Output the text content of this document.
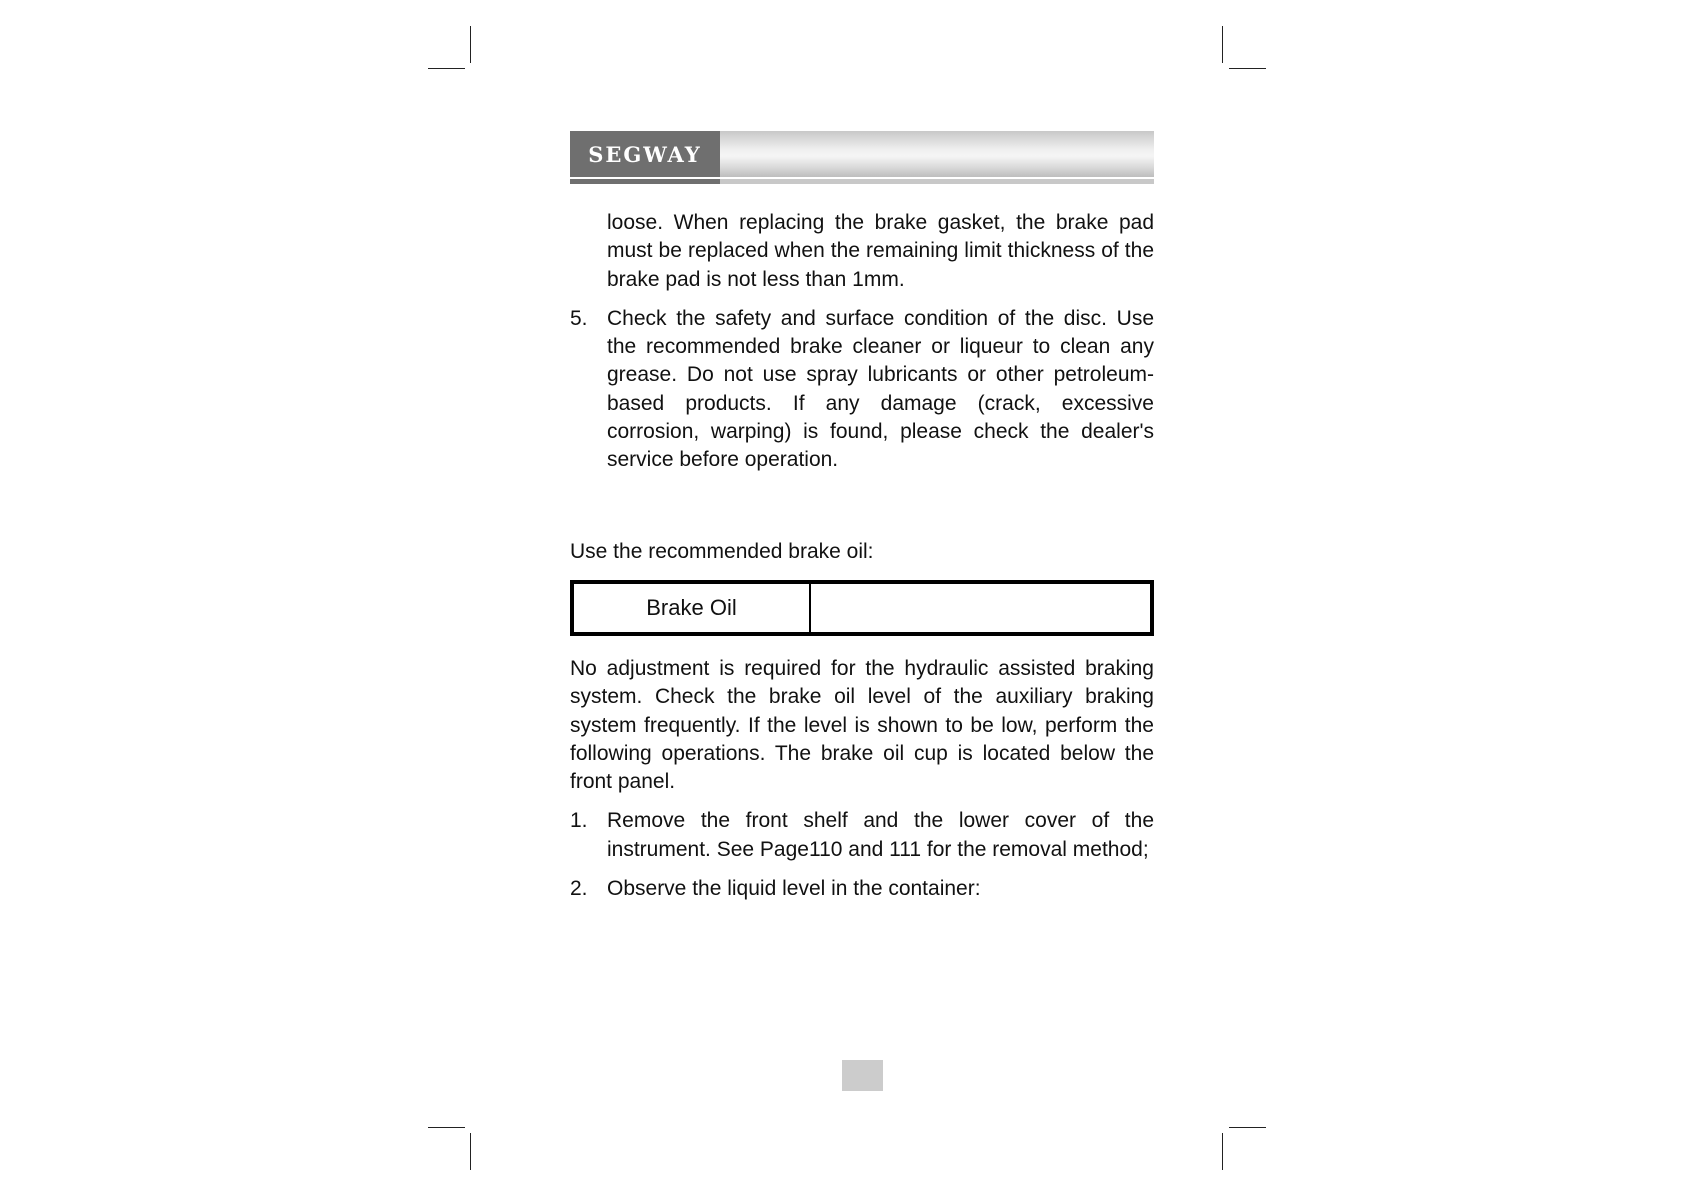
SEGWAY

loose. When replacing the brake gasket, the brake pad must be replaced when the remaining limit thickness of the brake pad is not less than 1mm.

5. Check the safety and surface condition of the disc. Use the recommended brake cleaner or liqueur to clean any grease. Do not use spray lubricants or other petroleum-based products. If any damage (crack, excessive corrosion, warping) is found, please check the dealer's service before operation.

Use the recommended brake oil:

Brake Oil

No adjustment is required for the hydraulic assisted braking system. Check the brake oil level of the auxiliary braking system frequently. If the level is shown to be low, perform the following operations. The brake oil cup is located below the front panel.

1. Remove the front shelf and the lower cover of the instrument. See Page110 and 111 for the removal method;
2. Observe the liquid level in the container:
